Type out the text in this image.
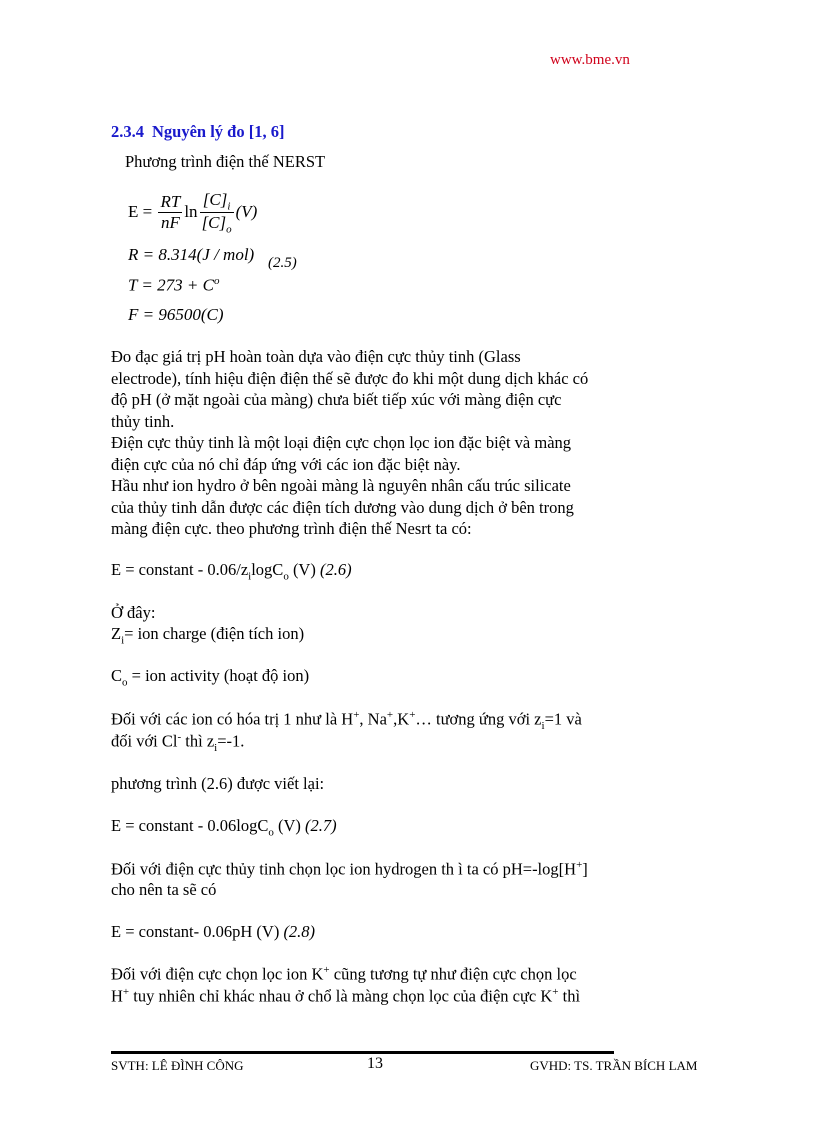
www.bme.vn
2.3.4 Nguyên lý đo [1, 6]
Phương trình điện thế NERST
$E = \frac{RT}{nF}$ $\ln \frac{[C]_i}{[C]_o} (V)$
R = 8.314(J / mol) (2.5)
$T = 273 + C^o$
F = 96500(C)
Đo đạc giá trị pH hoàn toàn dựa vào điện cực thủy tinh (Glass
electrode), tính hiệu điện điện thế sẽ được đo khi một dung dịch khác có
độ pH (ở mặt ngoài của màng) chưa biết tiếp xúc với màng điện cực
thủy tinh.
Điện cực thủy tinh là một loại điện cực chọn lọc ion đặc biệt và màng
điện cực của nó chỉ đáp ứng với các ion đặc biệt này.
Hầu như ion hydro ở bên ngoài màng là nguyên nhân cấu trúc silicate
của thủy tinh dẫn được các điện tích dương vào dung dịch ở bên trong
màng điện cực. theo phương trình điện thế Nesrt ta có:
E = constant - $0.06/z_i\log C_o$ (V) (2.6)
Ở đây:
$Z_i=$ ion charge (điện tích ion)
$C_o$ = ion activity (hoạt độ ion)
Đối với các ion có hóa trị 1 như là H+, Na+,K+… tương ứng với $z_i=1$ và
đối với Cl- thì $z_i=-1$.
phương trình (2.6) được viết lại:
E = constant - 0.06logC$_o$ (V) (2.7)
Đối với điện cực thủy tinh chọn lọc ion hydrogen th ì ta có pH=-log[H+]
cho nên ta sẽ có
E = constant- 0.06pH (V) (2.8)
Đối với điện cực chọn lọc ion K+ cũng tương tự như điện cực chọn lọc
H+ tuy nhiên chỉ khác nhau ở chổ là màng chọn lọc của điện cực K+ thì
SVTH: LÊ ĐÌNH CÔNG	13	GVHD: TS. TRẦN BÍCH LAM
